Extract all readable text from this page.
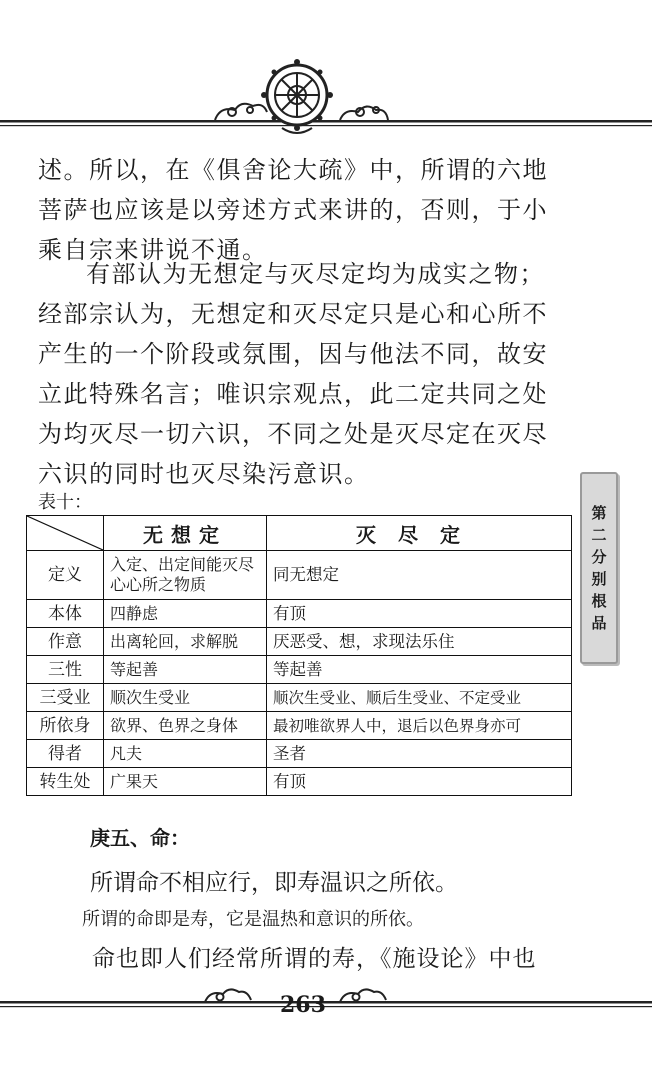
述。所以，在《俱舍论大疏》中，所谓的六地菩萨也应该是以旁述方式来讲的，否则，于小乘自宗来讲说不通。

有部认为无想定与灭尽定均为成实之物；经部宗认为，无想定和灭尽定只是心和心所不产生的一个阶段或氛围，因与他法不同，故安立此特殊名言；唯识宗观点，此二定共同之处为均灭尽一切六识，不同之处是灭尽定在灭尽六识的同时也灭尽染污意识。

第
二
分
别
根
品
表十：
	无想定	灭尽定
定义	入定、出定间能灭尽心心所之物质	同无想定
本体	四静虑	有顶
作意	出离轮回，求解脱	厌恶受、想，求现法乐住
三性	等起善	等起善
三受业	顺次生受业	顺次生受业、顺后生受业、不定受业
所依身	欲界、色界之身体	最初唯欲界人中，退后以色界身亦可
得者	凡夫	圣者
转生处	广果天	有顶
庚五、命：
所谓命不相应行，即寿温识之所依。
所谓的命即是寿，它是温热和意识的所依。
命也即人们经常所谓的寿，《施设论》中也
263
